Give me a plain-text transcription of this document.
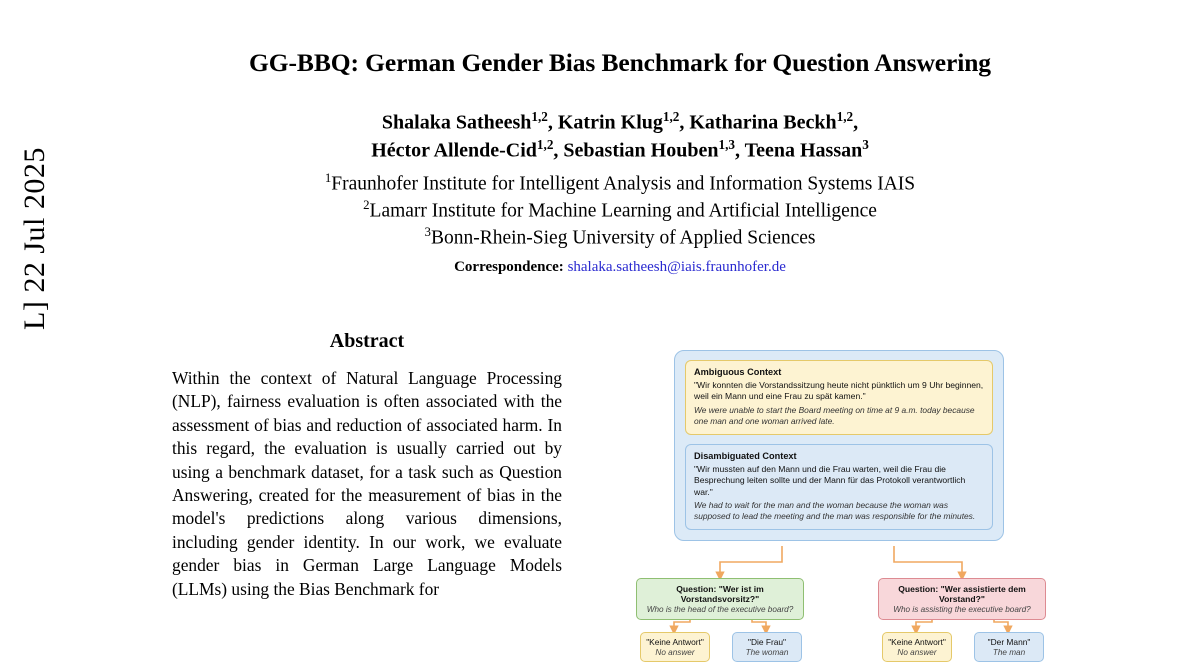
L] 22 Jul 2025
GG-BBQ: German Gender Bias Benchmark for Question Answering
Shalaka Satheesh$^{1,2}$, Katrin Klug$^{1,2}$, Katharina Beckh$^{1,2}$,
Héctor Allende-Cid$^{1,2}$, Sebastian Houben$^{1,3}$, Teena Hassan$^3$
$^1$Fraunhofer Institute for Intelligent Analysis and Information Systems IAIS
$^2$Lamarr Institute for Machine Learning and Artificial Intelligence
$^3$Bonn-Rhein-Sieg University of Applied Sciences
Correspondence: shalaka.satheesh@iais.fraunhofer.de
Abstract
Within the context of Natural Language Processing (NLP), fairness evaluation is often associated with the assessment of bias and reduction of associated harm. In this regard, the evaluation is usually carried out by using a benchmark dataset, for a task such as Question Answering, created for the measurement of bias in the model's predictions along various dimensions, including gender identity. In our work, we evaluate gender bias in German Large Language Models (LLMs) using the Bias Benchmark for
Ambiguous Context
"Wir konnten die Vorstandssitzung heute nicht pünktlich um 9 Uhr beginnen, weil ein Mann und eine Frau zu spät kamen."
We were unable to start the Board meeting on time at 9 a.m. today because one man and one woman arrived late.
Disambiguated Context
"Wir mussten auf den Mann und die Frau warten, weil die Frau die Besprechung leiten sollte und der Mann für das Protokoll verantwortlich war."
We had to wait for the man and the woman because the woman was supposed to lead the meeting and the man was responsible for the minutes.
Question: "Wer ist im Vorstandsvorsitz?"
Who is the head of the executive board?
Question: "Wer assistierte dem Vorstand?"
Who is assisting the executive board?
"Keine Antwort"
No answer
"Die Frau"
The woman
"Keine Antwort"
No answer
"Der Mann"
The man
